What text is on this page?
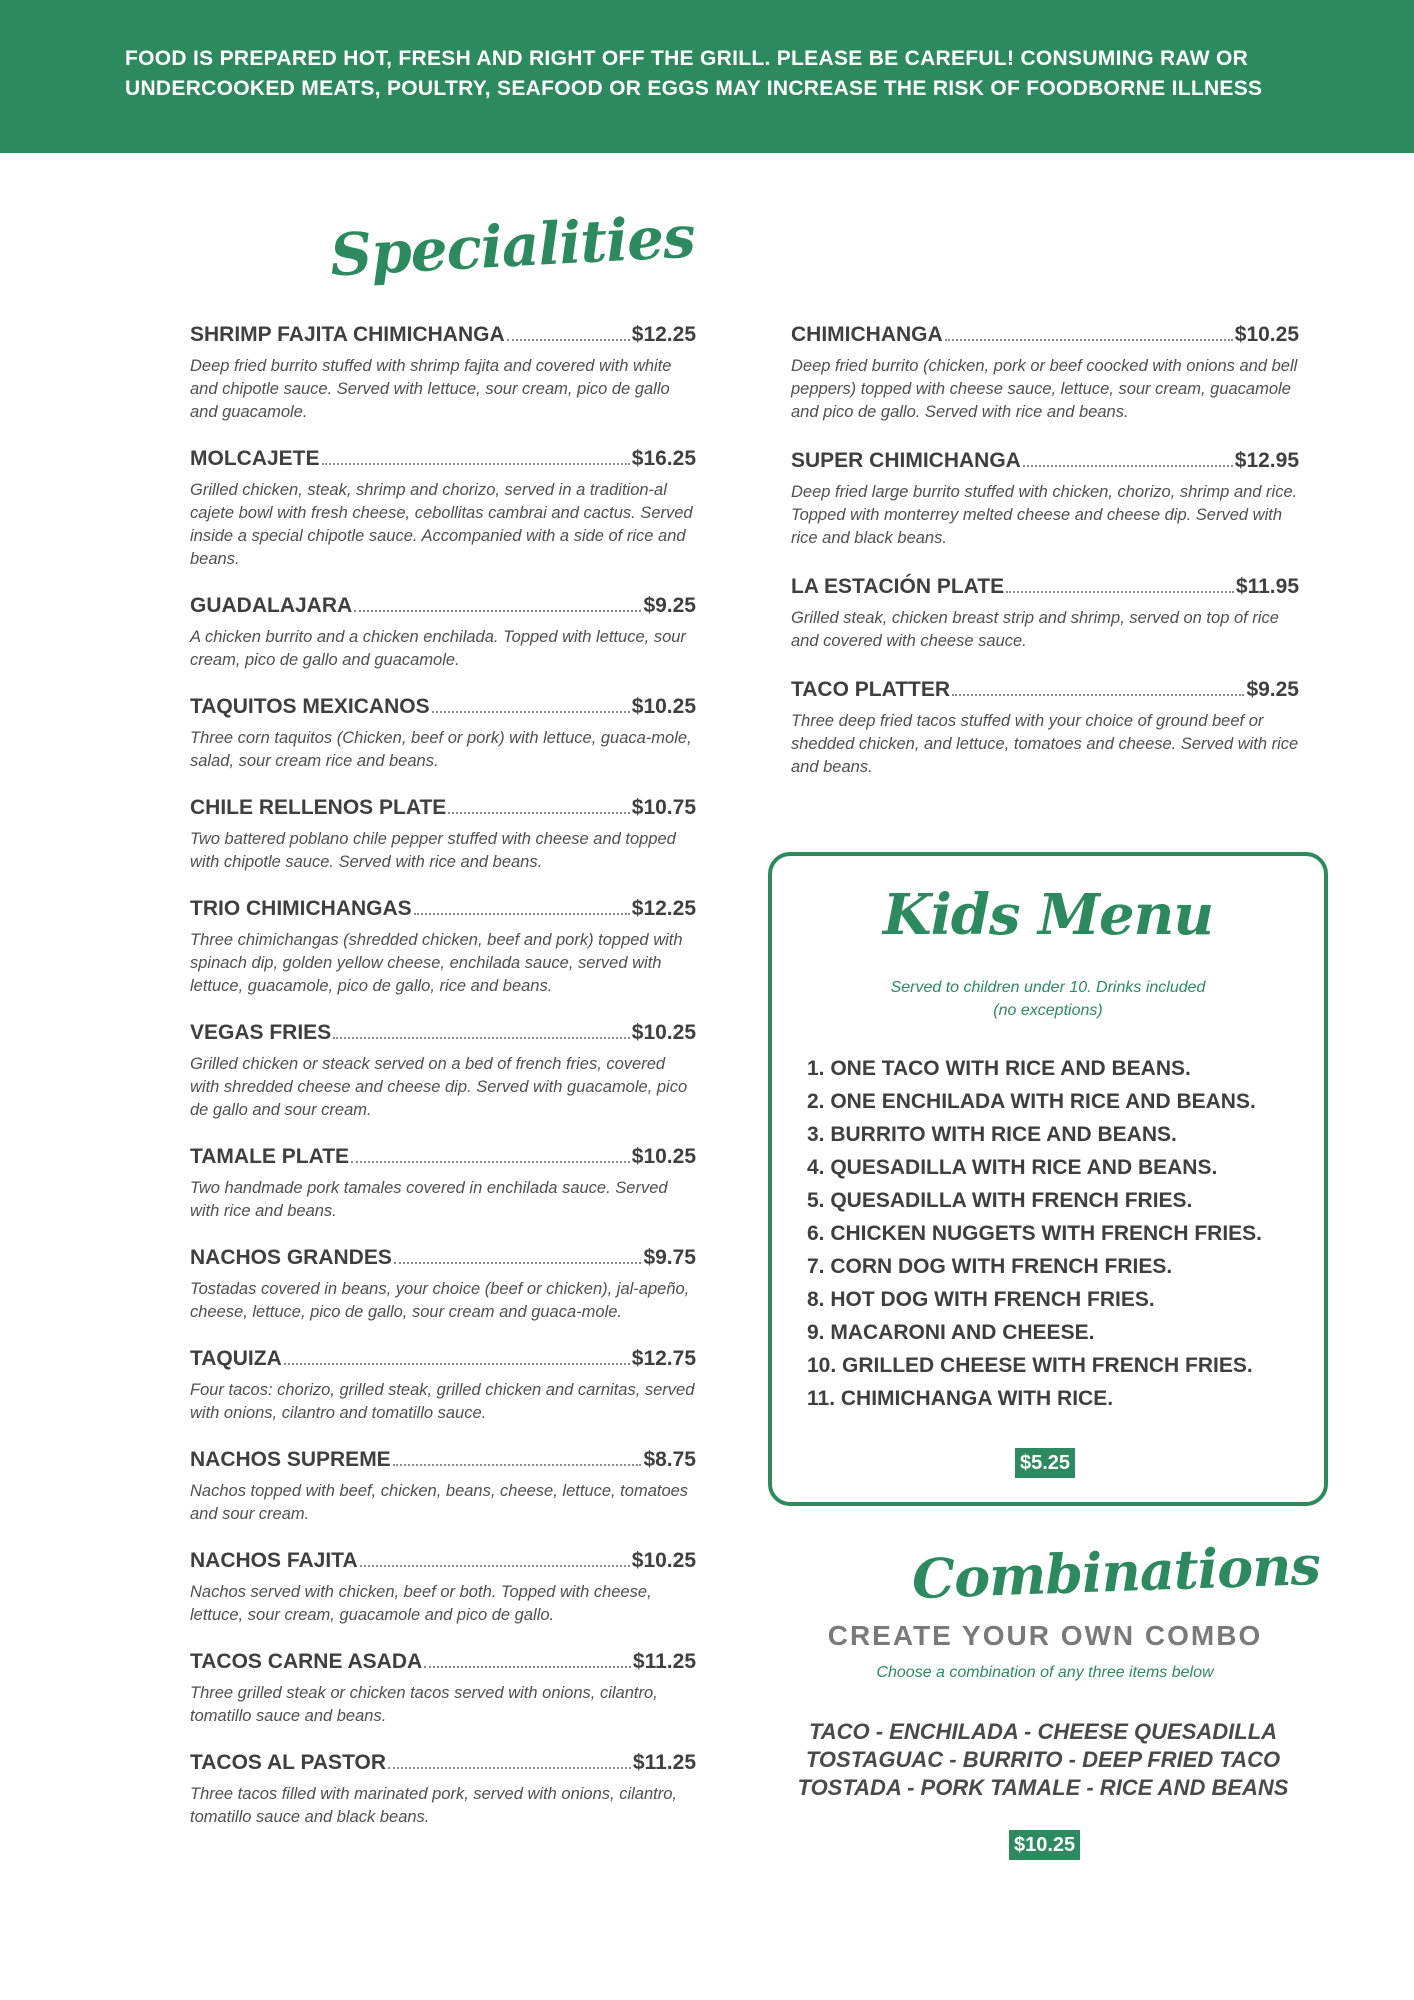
FOOD IS PREPARED HOT, FRESH AND RIGHT OFF THE GRILL. PLEASE BE CAREFUL! CONSUMING RAW OR
UNDERCOOKED MEATS, POULTRY, SEAFOOD OR EGGS MAY INCREASE THE RISK OF FOODBORNE ILLNESS

Specialities
SHRIMP FAJITA CHIMICHANGA	$12.25
Deep fried burrito stuffed with shrimp fajita and covered with white and chipotle sauce. Served with lettuce, sour cream, pico de gallo and guacamole.
MOLCAJETE	$16.25
Grilled chicken, steak, shrimp and chorizo, served in a tradition-al cajete bowl with fresh cheese, cebollitas cambrai and cactus. Served inside a special chipotle sauce. Accompanied with a side of rice and beans.
GUADALAJARA	$9.25
A chicken burrito and a chicken enchilada. Topped with lettuce, sour cream, pico de gallo and guacamole.
TAQUITOS MEXICANOS	$10.25
Three corn taquitos (Chicken, beef or pork) with lettuce, guaca-mole, salad, sour cream rice and beans.
CHILE RELLENOS PLATE	$10.75
Two battered poblano chile pepper stuffed with cheese and topped with chipotle sauce. Served with rice and beans.
TRIO CHIMICHANGAS	$12.25
Three chimichangas (shredded chicken, beef and pork) topped with spinach dip, golden yellow cheese, enchilada sauce, served with lettuce, guacamole, pico de gallo, rice and beans.
VEGAS FRIES	$10.25
Grilled chicken or steack served on a bed of french fries, covered with shredded cheese and cheese dip. Served with guacamole, pico de gallo and sour cream.
TAMALE PLATE	$10.25
Two handmade pork tamales covered in enchilada sauce. Served with rice and beans.
NACHOS GRANDES	$9.75
Tostadas covered in beans, your choice (beef or chicken), jal-apeño, cheese, lettuce, pico de gallo, sour cream and guaca-mole.
TAQUIZA	$12.75
Four tacos: chorizo, grilled steak, grilled chicken and carnitas, served with onions, cilantro and tomatillo sauce.
NACHOS SUPREME	$8.75
Nachos topped with beef, chicken, beans, cheese, lettuce, tomatoes and sour cream.
NACHOS FAJITA	$10.25
Nachos served with chicken, beef or both. Topped with cheese, lettuce, sour cream, guacamole and pico de gallo.
TACOS CARNE ASADA	$11.25
Three grilled steak or chicken tacos served with onions, cilantro, tomatillo sauce and beans.
TACOS AL PASTOR	$11.25
Three tacos filled with marinated pork, served with onions, cilantro, tomatillo sauce and black beans.
CHIMICHANGA	$10.25
Deep fried burrito (chicken, pork or beef coocked with onions and bell peppers) topped with cheese sauce, lettuce, sour cream, guacamole and pico de gallo. Served with rice and beans.
SUPER CHIMICHANGA	$12.95
Deep fried large burrito stuffed with chicken, chorizo, shrimp and rice. Topped with monterrey melted cheese and cheese dip. Served with rice and black beans.
LA ESTACIÓN PLATE	$11.95
Grilled steak, chicken breast strip and shrimp, served on top of rice and covered with cheese sauce.
TACO PLATTER	$9.25
Three deep fried tacos stuffed with your choice of ground beef or shedded chicken, and lettuce, tomatoes and cheese. Served with rice and beans.
Kids Menu
Served to children under 10. Drinks included
(no exceptions)
1. ONE TACO WITH RICE AND BEANS.
2. ONE ENCHILADA WITH RICE AND BEANS.
3. BURRITO WITH RICE AND BEANS.
4. QUESADILLA WITH RICE AND BEANS.
5. QUESADILLA WITH FRENCH FRIES.
6. CHICKEN NUGGETS WITH FRENCH FRIES.
7. CORN DOG WITH FRENCH FRIES.
8. HOT DOG WITH FRENCH FRIES.
9. MACARONI AND CHEESE.
10. GRILLED CHEESE WITH FRENCH FRIES.
11. CHIMICHANGA WITH RICE.
$5.25
Combinations
CREATE YOUR OWN COMBO
Choose a combination of any three items below
TACO - ENCHILADA - CHEESE QUESADILLA
TOSTAGUAC - BURRITO - DEEP FRIED TACO
TOSTADA - PORK TAMALE - RICE AND BEANS
$10.25
